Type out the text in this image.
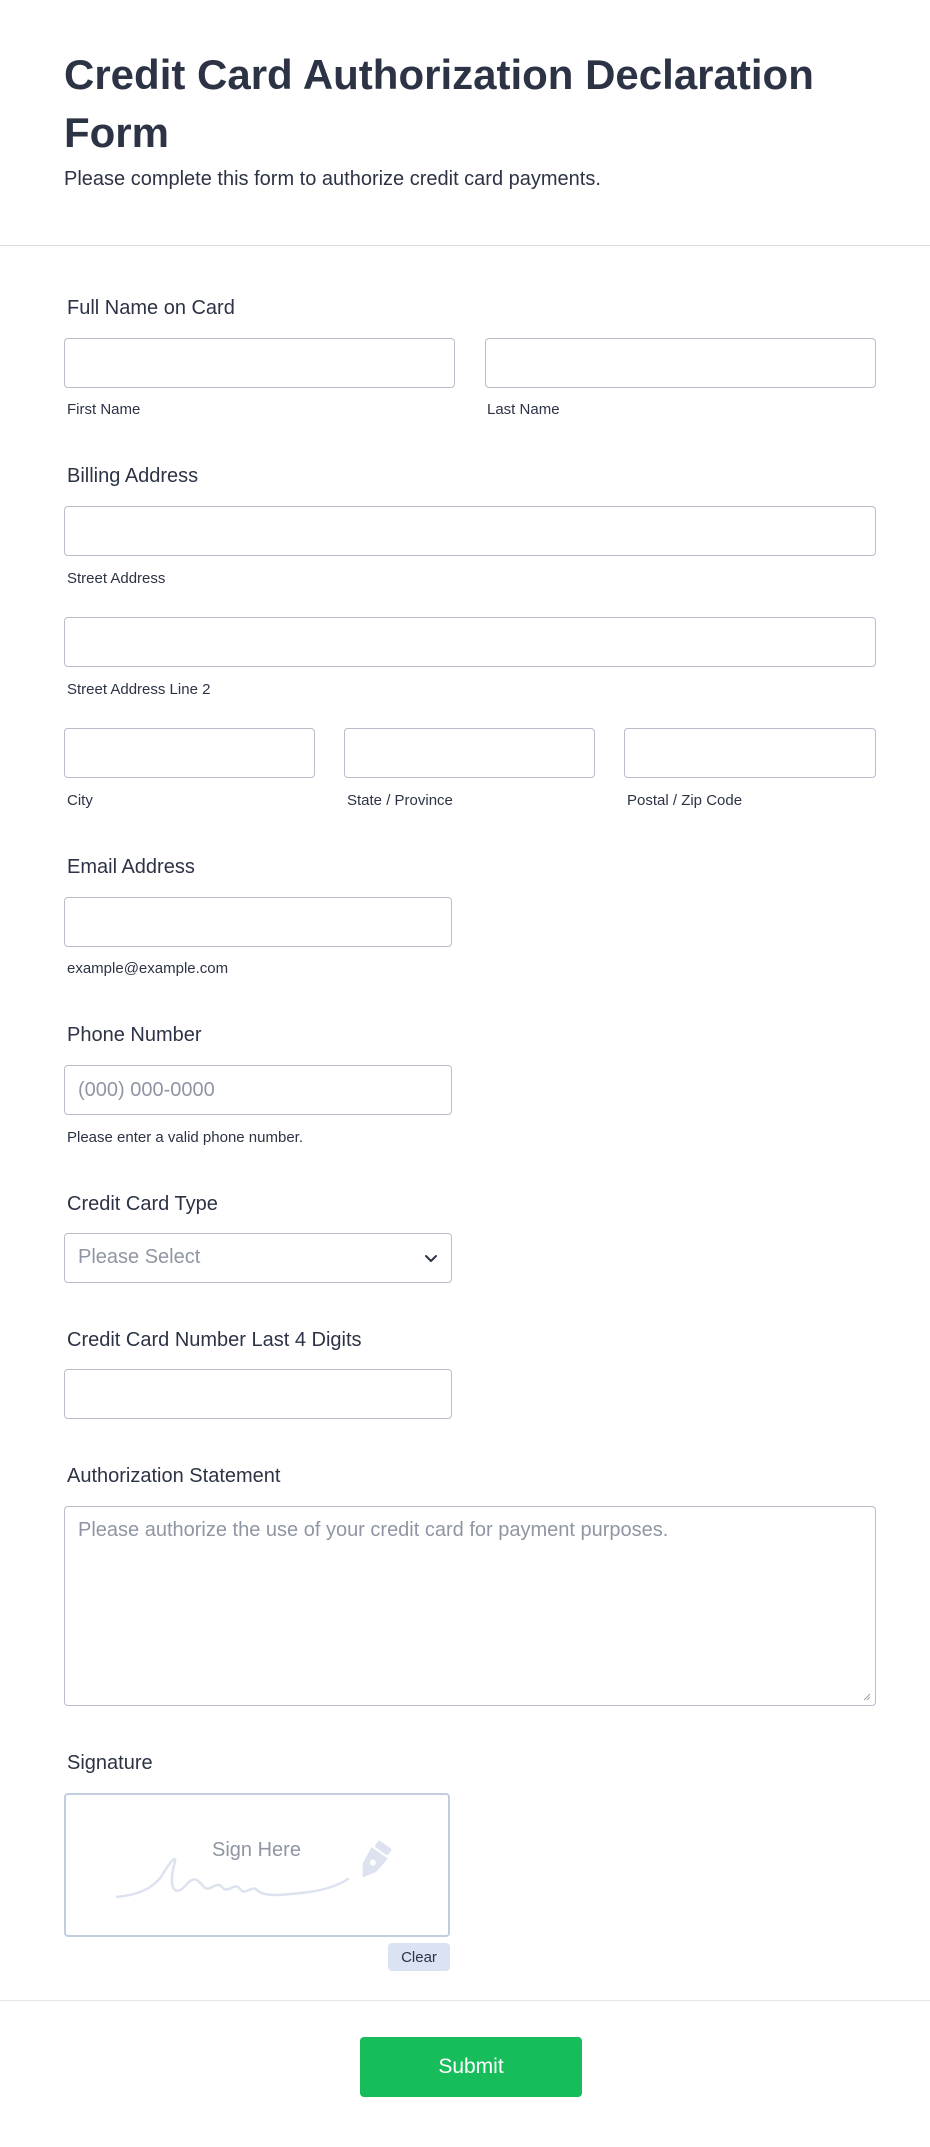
Credit Card Authorization Declaration Form

Please complete this form to authorize credit card payments.

Full Name on Card
First Name	Last Name
Billing Address
Street Address
Street Address Line 2
City	State / Province	Postal / Zip Code
Email Address
example@example.com
Phone Number
(000) 000-0000
Please enter a valid phone number.
Credit Card Type
Please Select
Credit Card Number Last 4 Digits
Authorization Statement
Please authorize the use of your credit card for payment purposes.
Signature
Sign Here
Clear
Submit
